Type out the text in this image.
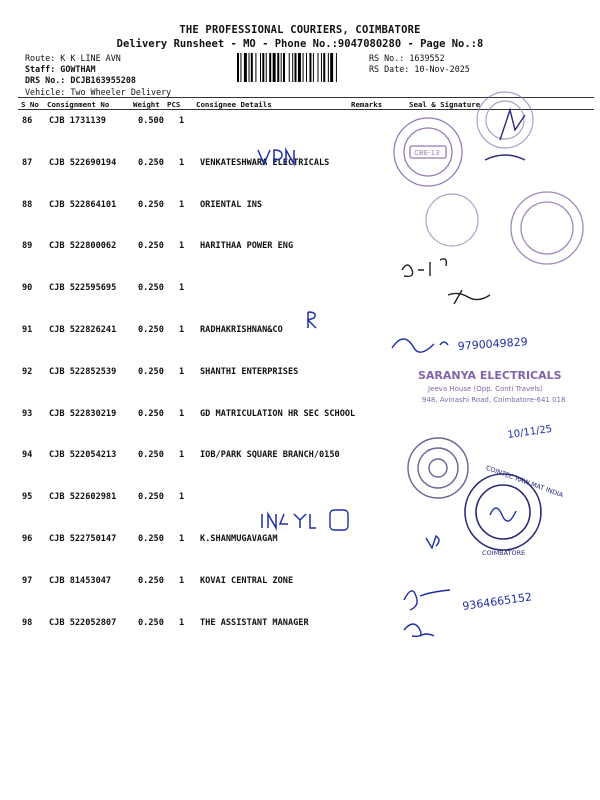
THE PROFESSIONAL COURIERS, COIMBATORE
Delivery Runsheet - MO - Phone No.:9047080280 - Page No.:8
Route: K K LINE AVN
Staff: GOWTHAM
DRS No.: DCJB163955208
Vehicle: Two Wheeler Delivery
RS No.: 1639552
RS Date: 10-Nov-2025
S No Consignment No	Weight PCS Consignee Details	Remarks	Seal & Signature
86 CJB 1731139	0.500 1
87 CJB 522690194	0.250 1 VENKATESHWARA ELECTRICALS
88 CJB 522864101	0.250 1 ORIENTAL INS
89 CJB 522800062	0.250 1 HARITHAA POWER ENG
90 CJB 522595695	0.250 1
91 CJB 522826241	0.250 1 RADHAKRISHNAN&CO
92 CJB 522852539	0.250 1 SHANTHI ENTERPRISES
93 CJB 522830219	0.250 1 GD MATRICULATION HR SEC SCHOOL
94 CJB 522054213	0.250 1 IOB/PARK SQUARE BRANCH/0150
95 CJB 522602981	0.250 1
96 CJB 522750147	0.250 1 K.SHANMUGAVAGAM
97 CJB 81453047	0.250 1 KOVAI CENTRAL ZONE
98 CJB 522052807	0.250 1 THE ASSISTANT MANAGER
CBE-13
9790049829
SARANYA ELECTRICALS
Jeeva House (Opp. Conti Travels)
948, Avinashi Road, Coimbatore-641 018
10/11/25
COINTEC RAW MAT INDIA
COIMBATORE
9364665152
